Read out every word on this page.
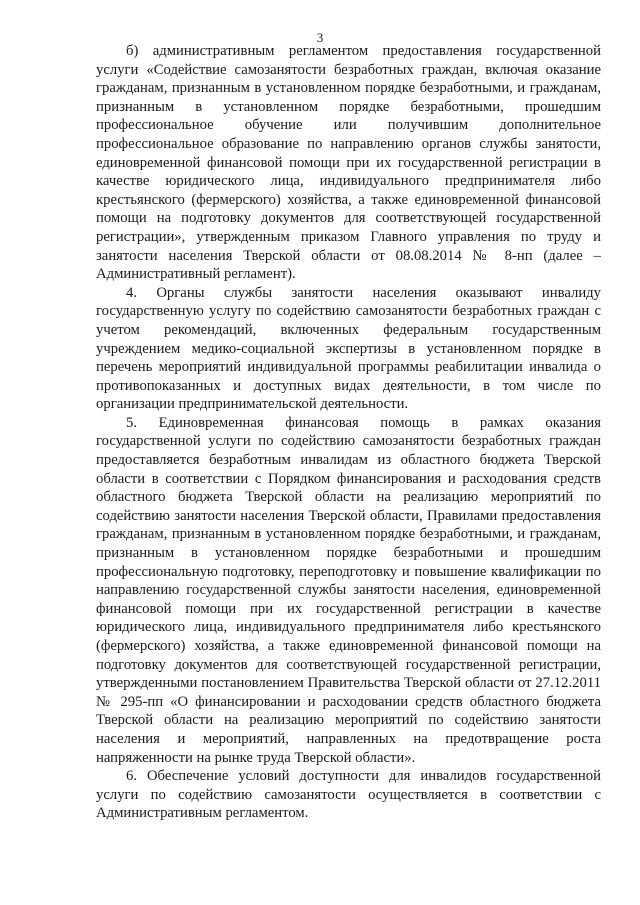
3

б) административным регламентом предоставления государственной услуги «Содействие самозанятости безработных граждан, включая оказание гражданам, признанным в установленном порядке безработными, и гражданам, признанным в установленном порядке безработными, прошедшим профессиональное обучение или получившим дополнительное профессиональное образование по направлению органов службы занятости, единовременной финансовой помощи при их государственной регистрации в качестве юридического лица, индивидуального предпринимателя либо крестьянского (фермерского) хозяйства, а также единовременной финансовой помощи на подготовку документов для соответствующей государственной регистрации», утвержденным приказом Главного управления по труду и занятости населения Тверской области от 08.08.2014 № 8-нп (далее – Административный регламент).

4. Органы службы занятости населения оказывают инвалиду государственную услугу по содействию самозанятости безработных граждан с учетом рекомендаций, включенных федеральным государственным учреждением медико-социальной экспертизы в установленном порядке в перечень мероприятий индивидуальной программы реабилитации инвалида о противопоказанных и доступных видах деятельности, в том числе по организации предпринимательской деятельности.

5. Единовременная финансовая помощь в рамках оказания государственной услуги по содействию самозанятости безработных граждан предоставляется безработным инвалидам из областного бюджета Тверской области в соответствии с Порядком финансирования и расходования средств областного бюджета Тверской области на реализацию мероприятий по содействию занятости населения Тверской области, Правилами предоставления гражданам, признанным в установленном порядке безработными, и гражданам, признанным в установленном порядке безработными и прошедшим профессиональную подготовку, переподготовку и повышение квалификации по направлению государственной службы занятости населения, единовременной финансовой помощи при их государственной регистрации в качестве юридического лица, индивидуального предпринимателя либо крестьянского (фермерского) хозяйства, а также единовременной финансовой помощи на подготовку документов для соответствующей государственной регистрации, утвержденными постановлением Правительства Тверской области от 27.12.2011 № 295-пп «О финансировании и расходовании средств областного бюджета Тверской области на реализацию мероприятий по содействию занятости населения и мероприятий, направленных на предотвращение роста напряженности на рынке труда Тверской области».

6. Обеспечение условий доступности для инвалидов государственной услуги по содействию самозанятости осуществляется в соответствии с Административным регламентом.
